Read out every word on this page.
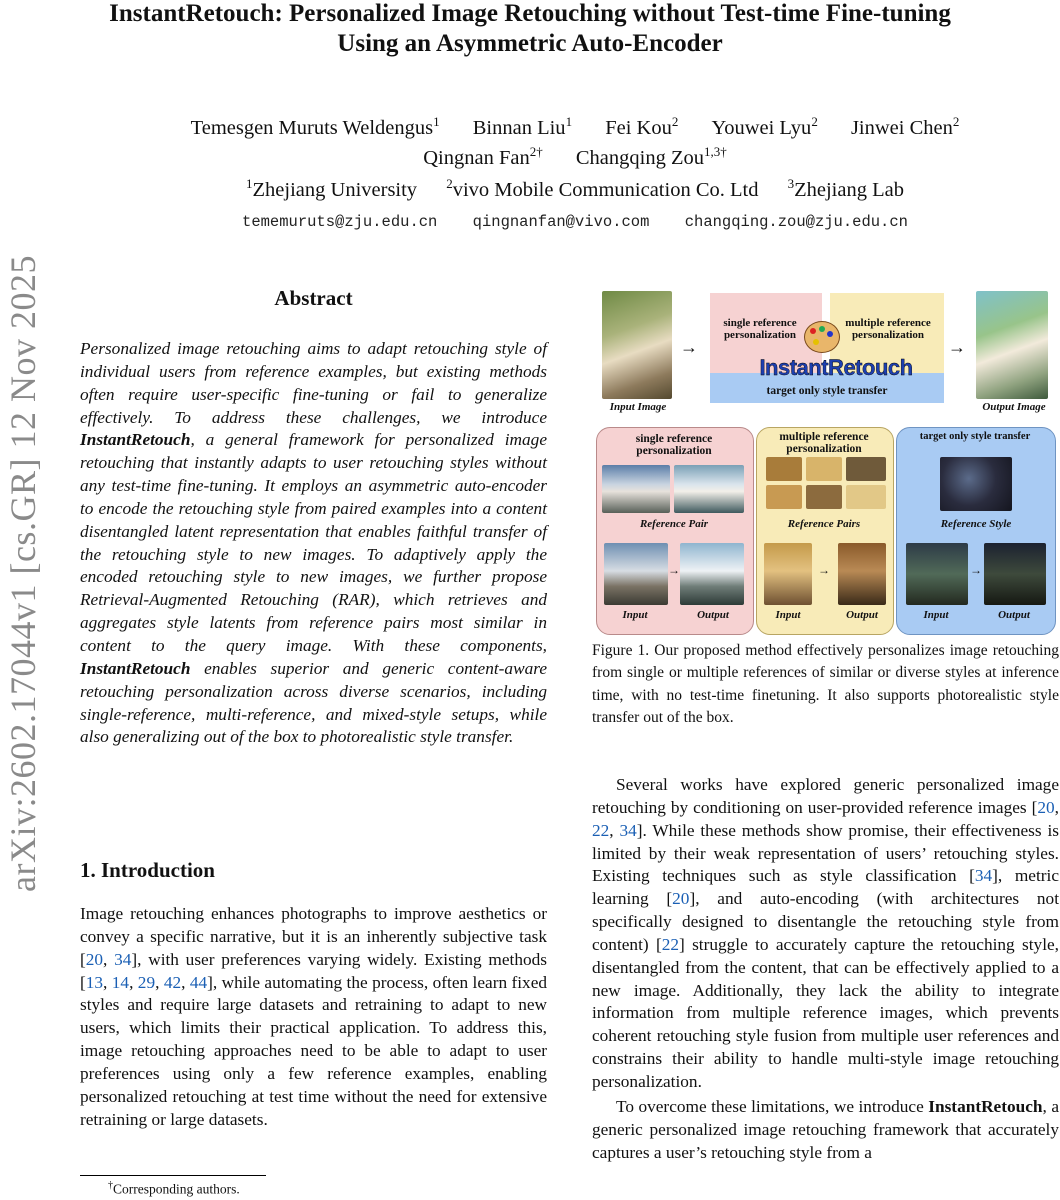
InstantRetouch: Personalized Image Retouching without Test-time Fine-tuning
Using an Asymmetric Auto-Encoder
Temesgen Muruts Weldengus$^1$ Binnan Liu$^1$ Fei Kou$^2$ Youwei Lyu$^2$ Jinwei Chen$^2$
Qingnan Fan$^{2\dagger}$ Changqing Zou$^{1,3\dagger}$
$^1$Zhejiang University $^2$vivo Mobile Communication Co. Ltd $^3$Zhejiang Lab
tememuruts@zju.edu.cn qingnanfan@vivo.com changqing.zou@zju.edu.cn
arXiv:2602.17044v1 [cs.GR] 12 Nov 2025	Abstract
Personalized image retouching aims to adapt retouching style of individual users from reference examples, but existing methods often require user-specific fine-tuning or fail to generalize effectively. To address these challenges, we introduce InstantRetouch, a general framework for personalized image retouching that instantly adapts to user retouching styles without any test-time fine-tuning. It employs an asymmetric auto-encoder to encode the retouching style from paired examples into a content disentangled latent representation that enables faithful transfer of the retouching style to new images. To adaptively apply the encoded retouching style to new images, we further propose Retrieval-Augmented Retouching (RAR), which retrieves and aggregates style latents from reference pairs most similar in content to the query image. With these components, InstantRetouch enables superior and generic content-aware retouching personalization across diverse scenarios, including single-reference, multi-reference, and mixed-style setups, while also generalizing out of the box to photorealistic style transfer.
1. Introduction
Image retouching enhances photographs to improve aesthetics or convey a specific narrative, but it is an inherently subjective task [20, 34], with user preferences varying widely. Existing methods [13, 14, 29, 42, 44], while automating the process, often learn fixed styles and require large datasets and retraining to adapt to new users, which limits their practical application. To address this, image retouching approaches need to be able to adapt to user preferences using only a few reference examples, enabling personalized retouching at test time without the need for extensive retraining or large datasets.
†Corresponding authors.
Input Image
→
single reference personalization
multiple reference personalization
InstantRetouch
target only style transfer
→
Output Image
single reference personalization
Reference Pair
→
Input	Output
multiple reference personalization
Reference Pairs
→
Input	Output
target only style transfer
Reference Style
→
Input	Output
Figure 1. Our proposed method effectively personalizes image retouching from single or multiple references of similar or diverse styles at inference time, with no test-time finetuning. It also supports photorealistic style transfer out of the box.

Several works have explored generic personalized image retouching by conditioning on user-provided reference images [20, 22, 34]. While these methods show promise, their effectiveness is limited by their weak representation of users’ retouching styles. Existing techniques such as style classification [34], metric learning [20], and auto-encoding (with architectures not specifically designed to disentangle the retouching style from content) [22] struggle to accurately capture the retouching style, disentangled from the content, that can be effectively applied to a new image. Additionally, they lack the ability to integrate information from multiple reference images, which prevents coherent retouching style fusion from multiple user references and constrains their ability to handle multi-style image retouching personalization.

To overcome these limitations, we introduce InstantRetouch, a generic personalized image retouching framework that accurately captures a user’s retouching style from a
